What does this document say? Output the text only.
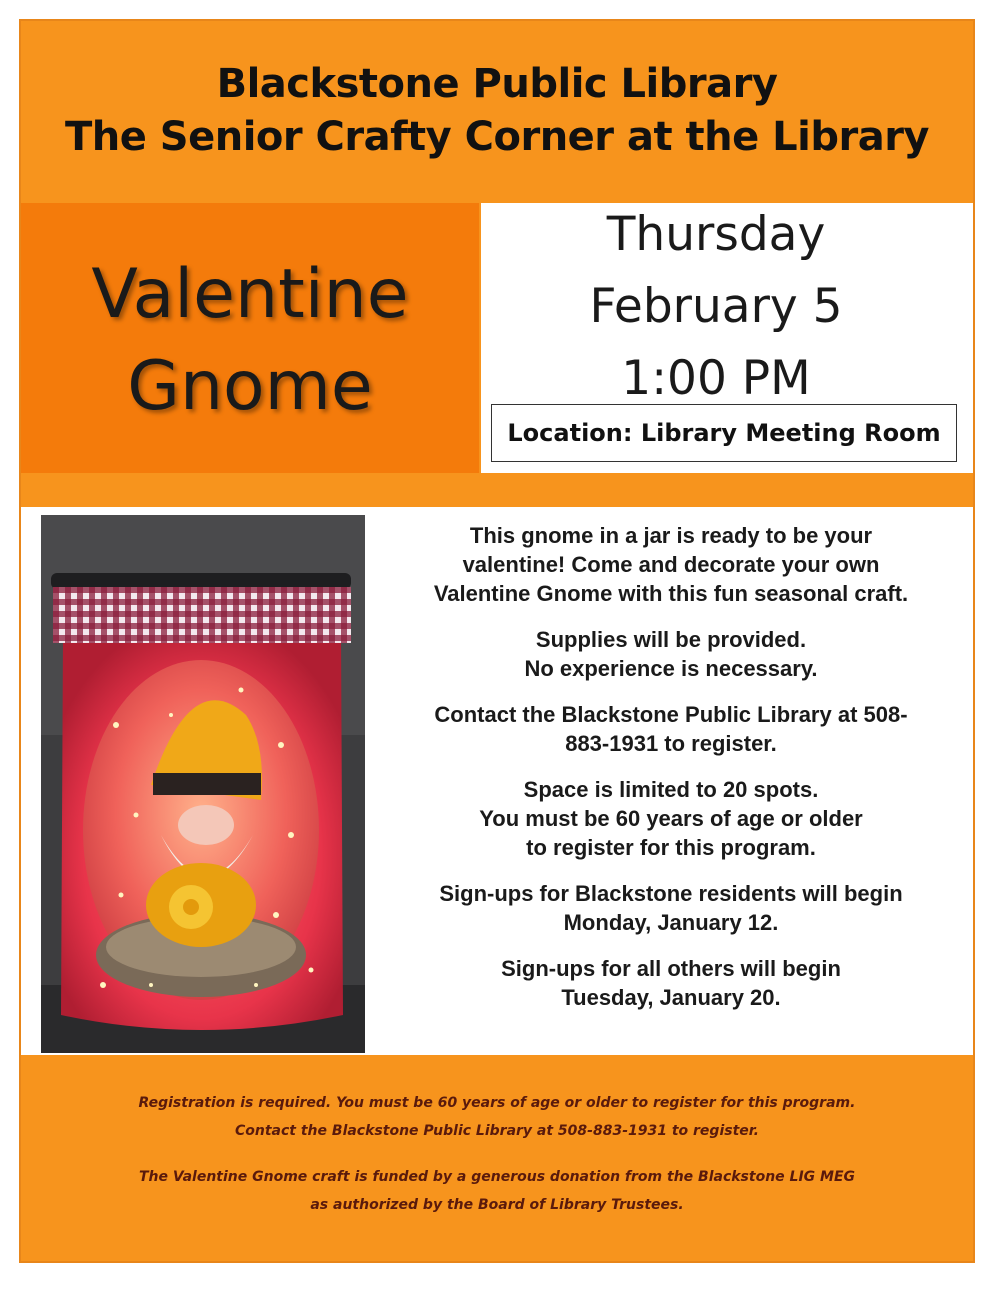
Blackstone Public Library
The Senior Crafty Corner at the Library
Valentine
Gnome
Thursday
February 5
1:00 PM
Location: Library Meeting Room

This gnome in a jar is ready to be your
valentine! Come and decorate your own
Valentine Gnome with this fun seasonal craft.

Supplies will be provided.
No experience is necessary.

Contact the Blackstone Public Library at 508-
883-1931 to register.

Space is limited to 20 spots.
You must be 60 years of age or older
to register for this program.

Sign-ups for Blackstone residents will begin
Monday, January 12.

Sign-ups for all others will begin
Tuesday, January 20.

Registration is required. You must be 60 years of age or older to register for this program.
Contact the Blackstone Public Library at 508-883-1931 to register.

The Valentine Gnome craft is funded by a generous donation from the Blackstone LIG MEG
as authorized by the Board of Library Trustees.
